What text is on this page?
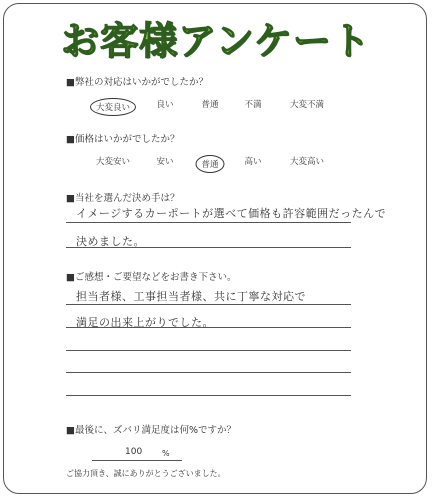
お客様アンケート
■弊社の対応はいかがでしたか？
大変良い	良い	普通	不満	大変不満
■価格はいかがでしたか？
大変安い	安い	普通	高い	大変高い
■当社を選んだ決め手は？
イメージするカーポートが選べて価格も許容範囲だったんで
決めました。
■ご感想・ご要望などをお書き下さい。
担当者様、工事担当者様、共に丁寧な対応で
満足の出来上がりでした。
■最後に、ズバリ満足度は何%ですか？
100 %
ご協力頂き、誠にありがとうございました。
